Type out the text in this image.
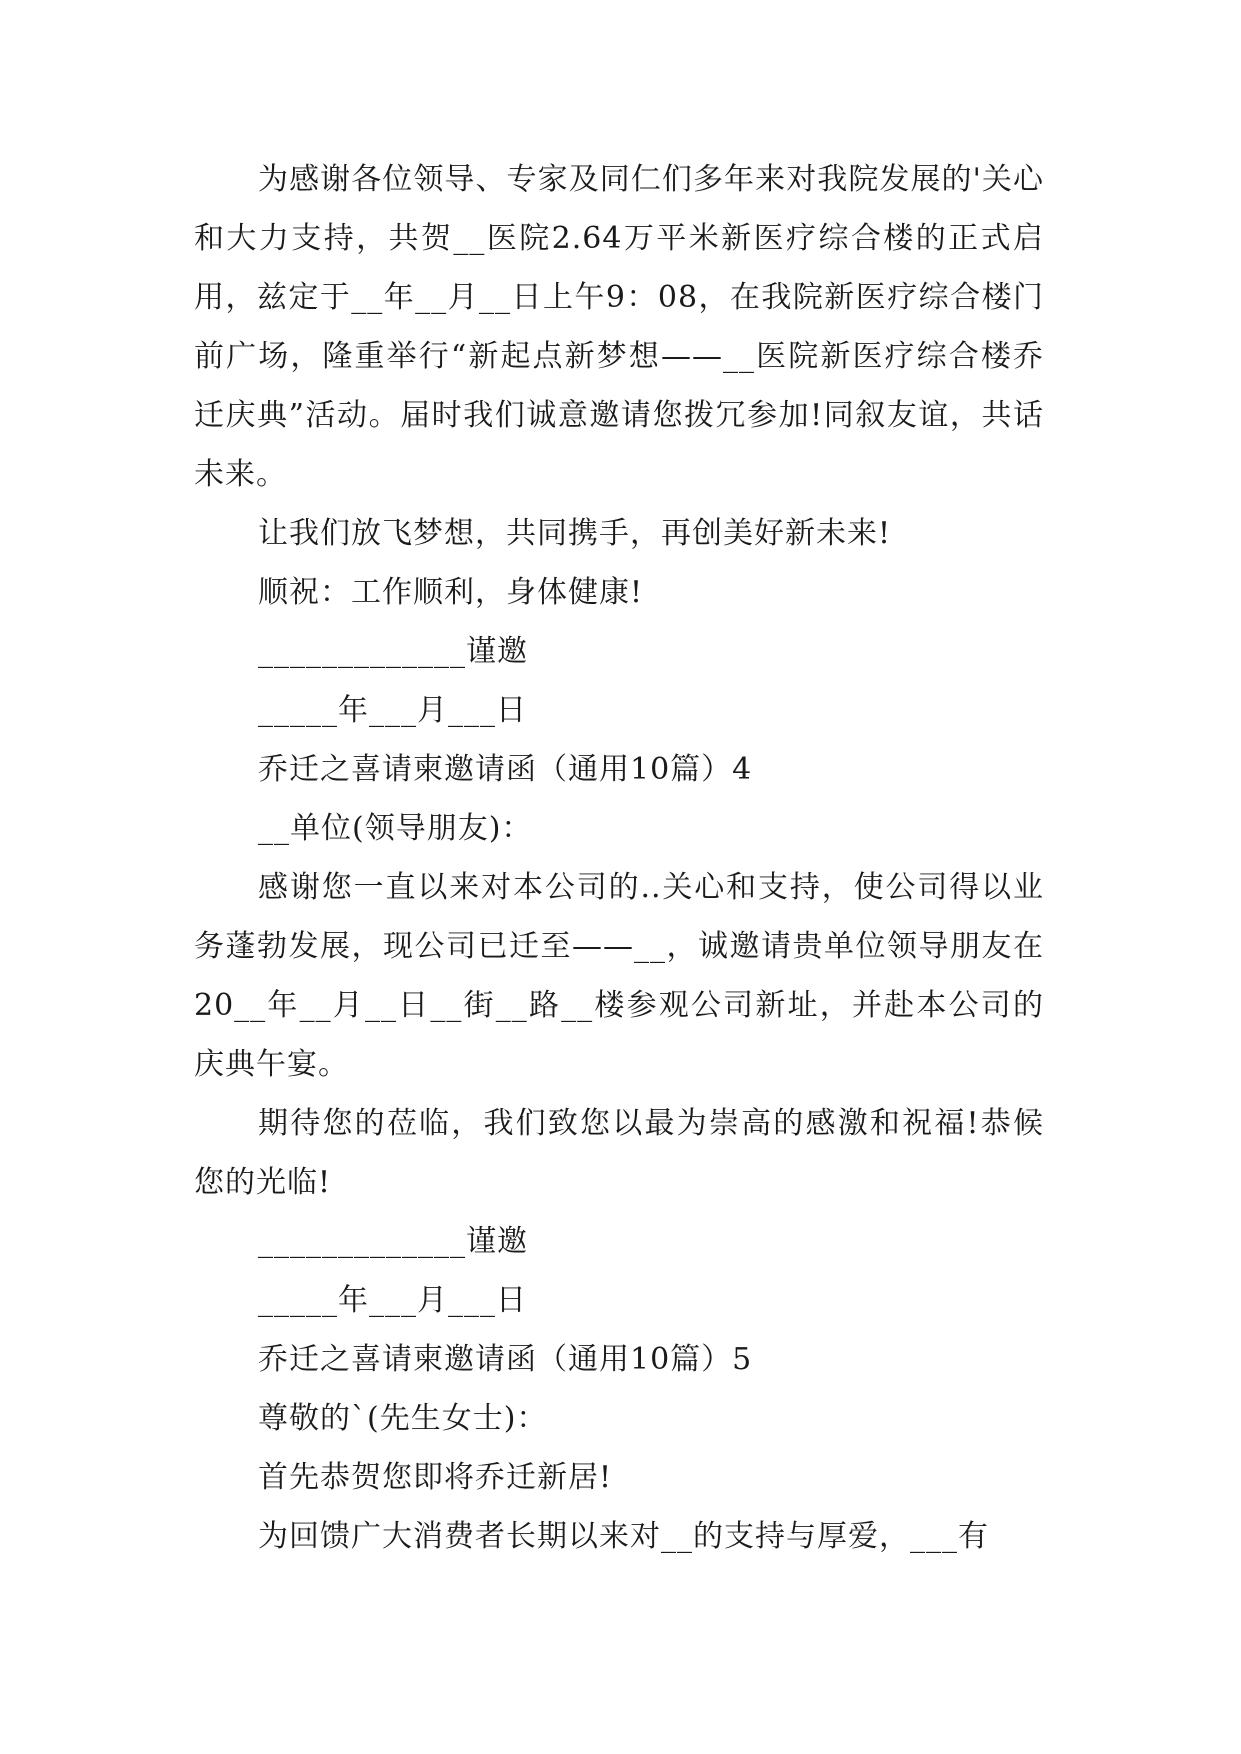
为感谢各位领导、专家及同仁们多年来对我院发展的'关心和大力支持，共贺__医院2.64万平米新医疗综合楼的正式启用，兹定于__年__月__日上午9：08，在我院新医疗综合楼门前广场，隆重举行“新起点新梦想——__医院新医疗综合楼乔迁庆典”活动。届时我们诚意邀请您拨冗参加!同叙友谊，共话未来。

让我们放飞梦想，共同携手，再创美好新未来!

顺祝：工作顺利，身体健康!

_____________谨邀

_____年___月___日

乔迁之喜请柬邀请函（通用10篇）4

__单位(领导朋友)：

感谢您一直以来对本公司的..关心和支持，使公司得以业务蓬勃发展，现公司已迁至——__，诚邀请贵单位领导朋友在20__年__月__日__街__路__楼参观公司新址，并赴本公司的庆典午宴。

期待您的莅临，我们致您以最为崇高的感激和祝福!恭候您的光临!

_____________谨邀

_____年___月___日

乔迁之喜请柬邀请函（通用10篇）5

尊敬的`(先生女士)：

首先恭贺您即将乔迁新居!

为回馈广大消费者长期以来对__的支持与厚爱，___有
